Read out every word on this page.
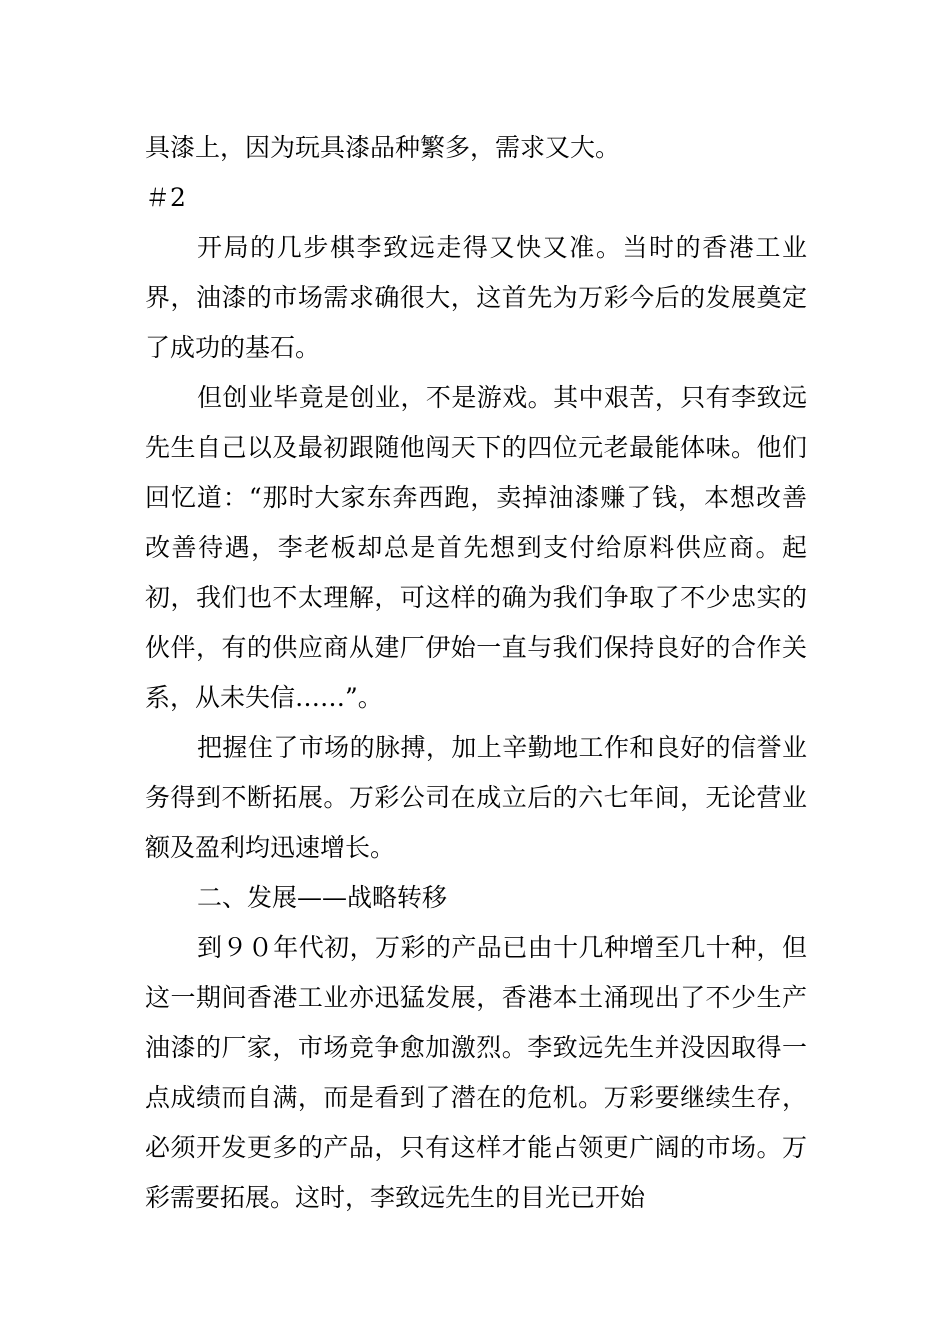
具漆上，因为玩具漆品种繁多，需求又大。

＃2

开局的几步棋李致远走得又快又准。当时的香港工业界，油漆的市场需求确很大，这首先为万彩今后的发展奠定了成功的基石。

但创业毕竟是创业，不是游戏。其中艰苦，只有李致远先生自己以及最初跟随他闯天下的四位元老最能体味。他们回忆道：“那时大家东奔西跑，卖掉油漆赚了钱，本想改善改善待遇，李老板却总是首先想到支付给原料供应商。起初，我们也不太理解，可这样的确为我们争取了不少忠实的伙伴，有的供应商从建厂伊始一直与我们保持良好的合作关系，从未失信……”。

把握住了市场的脉搏，加上辛勤地工作和良好的信誉业务得到不断拓展。万彩公司在成立后的六七年间，无论营业额及盈利均迅速增长。

二、发展——战略转移

到９０年代初，万彩的产品已由十几种增至几十种，但这一期间香港工业亦迅猛发展，香港本土涌现出了不少生产油漆的厂家，市场竞争愈加激烈。李致远先生并没因取得一点成绩而自满，而是看到了潜在的危机。万彩要继续生存，必须开发更多的产品，只有这样才能占领更广阔的市场。万彩需要拓展。这时，李致远先生的目光已开始
